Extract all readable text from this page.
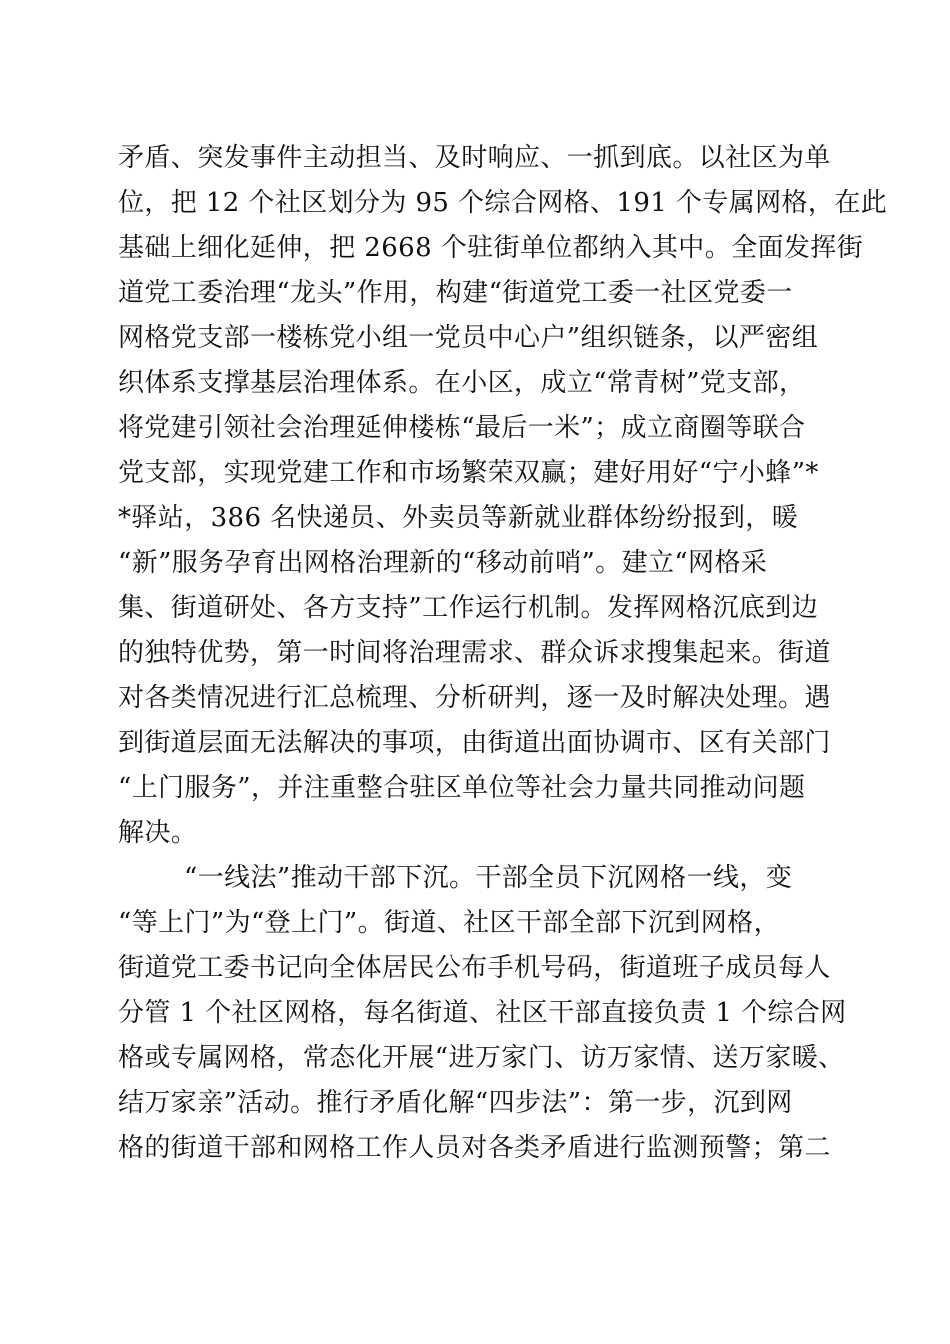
矛盾、突发事件主动担当、及时响应、一抓到底。以社区为单
位，把 12 个社区划分为 95 个综合网格、191 个专属网格，在此
基础上细化延伸，把 2668 个驻街单位都纳入其中。全面发挥街
道党工委治理“龙头”作用，构建“街道党工委一社区党委一
网格党支部一楼栋党小组一党员中心户”组织链条，以严密组
织体系支撑基层治理体系。在小区，成立“常青树”党支部，
将党建引领社会治理延伸楼栋“最后一米”；成立商圈等联合
党支部，实现党建工作和市场繁荣双赢；建好用好“宁小蜂”*
*驿站，386 名快递员、外卖员等新就业群体纷纷报到，暖
“新”服务孕育出网格治理新的“移动前哨”。建立“网格采
集、街道研处、各方支持”工作运行机制。发挥网格沉底到边
的独特优势，第一时间将治理需求、群众诉求搜集起来。街道
对各类情况进行汇总梳理、分析研判，逐一及时解决处理。遇
到街道层面无法解决的事项，由街道出面协调市、区有关部门
“上门服务”，并注重整合驻区单位等社会力量共同推动问题
解决。
“一线法”推动干部下沉。干部全员下沉网格一线，变
“等上门”为“登上门”。街道、社区干部全部下沉到网格，
街道党工委书记向全体居民公布手机号码，街道班子成员每人
分管 1 个社区网格，每名街道、社区干部直接负责 1 个综合网
格或专属网格，常态化开展“进万家门、访万家情、送万家暖、
结万家亲”活动。推行矛盾化解“四步法”：第一步，沉到网
格的街道干部和网格工作人员对各类矛盾进行监测预警；第二
